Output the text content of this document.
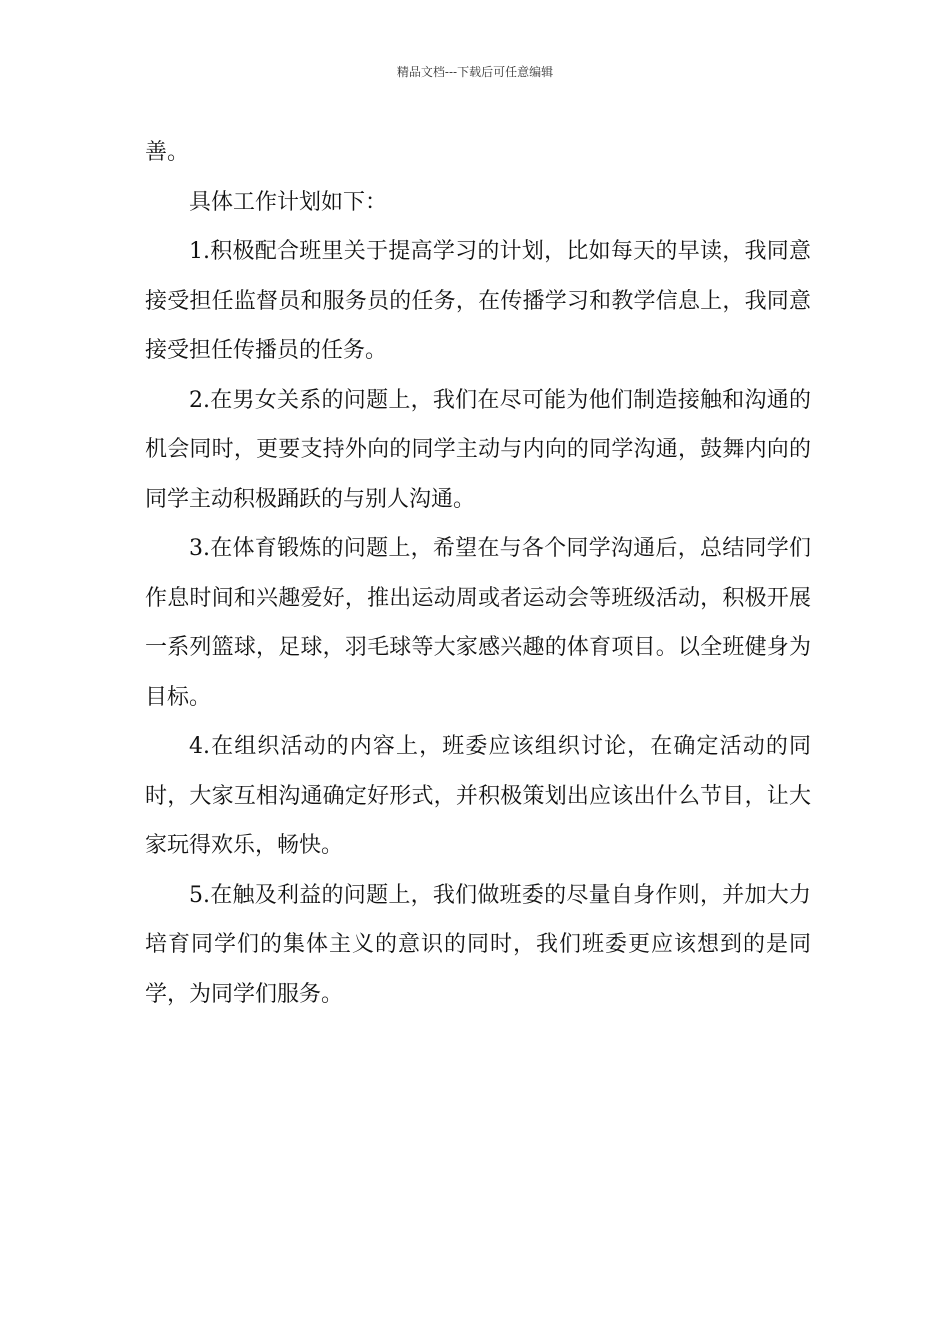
精品文档---下载后可任意编辑

善。

具体工作计划如下：

1.积极配合班里关于提高学习的计划，比如每天的早读，我同意接受担任监督员和服务员的任务，在传播学习和教学信息上，我同意接受担任传播员的任务。

2.在男女关系的问题上，我们在尽可能为他们制造接触和沟通的机会同时，更要支持外向的同学主动与内向的同学沟通，鼓舞内向的同学主动积极踊跃的与别人沟通。

3.在体育锻炼的问题上，希望在与各个同学沟通后，总结同学们作息时间和兴趣爱好，推出运动周或者运动会等班级活动，积极开展一系列篮球，足球，羽毛球等大家感兴趣的体育项目。以全班健身为目标。

4.在组织活动的内容上，班委应该组织讨论，在确定活动的同时，大家互相沟通确定好形式，并积极策划出应该出什么节目，让大家玩得欢乐，畅快。

5.在触及利益的问题上，我们做班委的尽量自身作则，并加大力培育同学们的集体主义的意识的同时，我们班委更应该想到的是同学，为同学们服务。
